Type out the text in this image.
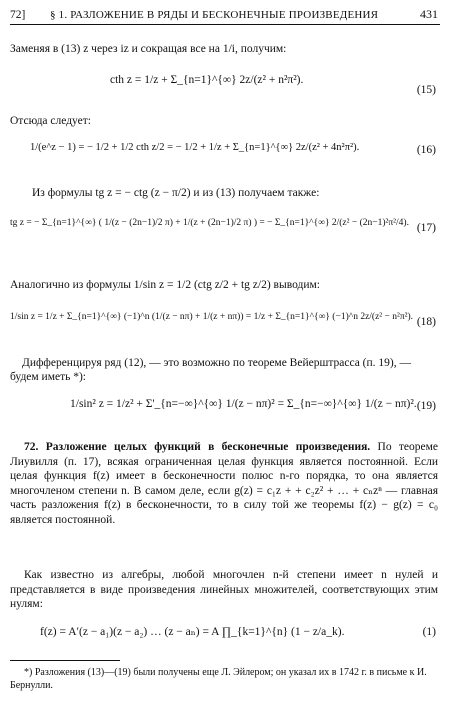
72]	§ 1. РАЗЛОЖЕНИЕ В РЯДЫ И БЕСКОНЕЧНЫЕ ПРОИЗВЕДЕНИЯ	431
Заменяя в (13) z через iz и сокращая все на 1/i, получим:
cth z = 1/z + Σ_{n=1}^{∞} 2z/(z² + n²π²).
(15)
Отсюда следует:
1/(e^z − 1) = − 1/2 + 1/2 cth z/2 = − 1/2 + 1/z + Σ_{n=1}^{∞} 2z/(z² + 4n²π²).	(16)
Из формулы tg z = − ctg (z − π/2) и из (13) получаем также:
tg z = − Σ_{n=1}^{∞} ( 1/(z − (2n−1)/2 π) + 1/(z + (2n−1)/2 π) ) = − Σ_{n=1}^{∞} 2/(z² − (2n−1)²π²/4). (17)
Аналогично из формулы 1/sin z = 1/2 (ctg z/2 + tg z/2) выводим:
1/sin z = 1/z + Σ_{n=1}^{∞} (−1)^n (1/(z − nπ) + 1/(z + nπ)) = 1/z + Σ_{n=1}^{∞} (−1)^n 2z/(z² − n²π²). (18)
Дифференцируя ряд (12), — это возможно по теореме Вейерштрасса (п. 19), —
будем иметь *):
1/sin² z = 1/z² + Σ'_{n=−∞}^{∞} 1/(z − nπ)² = Σ_{n=−∞}^{∞} 1/(z − nπ)². (19)
72. Разложение целых функций в бесконечные произведения. По теореме Лиувилля (п. 17), всякая ограниченная целая функция является постоянной. Если целая функция f(z) имеет в бесконечности полюс n-го порядка, то она является многочленом степени n. В самом деле, если g(z) = c₁z + + c₂z² + … + cₙzⁿ — главная часть разложения f(z) в бесконечности, то в силу той же теоремы f(z) − g(z) = c₀ является постоянной.
Как известно из алгебры, любой многочлен n-й степени имеет n нулей и представляется в виде произведения линейных множителей, соответствующих этим нулям:
f(z) = A′(z − a₁)(z − a₂) … (z − aₙ) = A ∏_{k=1}^{n} (1 − z/a_k).	(1)
*) Разложения (13)—(19) были получены еще Л. Эйлером; он указал их в 1742 г. в письме к И. Бернулли.
